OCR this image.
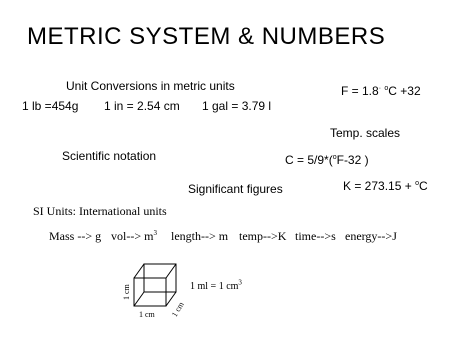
METRIC SYSTEM & NUMBERS
Unit Conversions in metric units
1 lb =454g 1 in = 2.54 cm 1 gal = 3.79 l
F = 1.8· $^o$C +32
Temp. scales
C = 5/9*($^o$F-32 )
K = 273.15 + $^o$C
Scientific notation
Significant figures
SI Units: International units
Mass --> g $vol--> m^3$ length--> m temp-->K time-->s energy-->J
1 ml = 1 $cm^3$
1 cm
1 cm 1 cm
